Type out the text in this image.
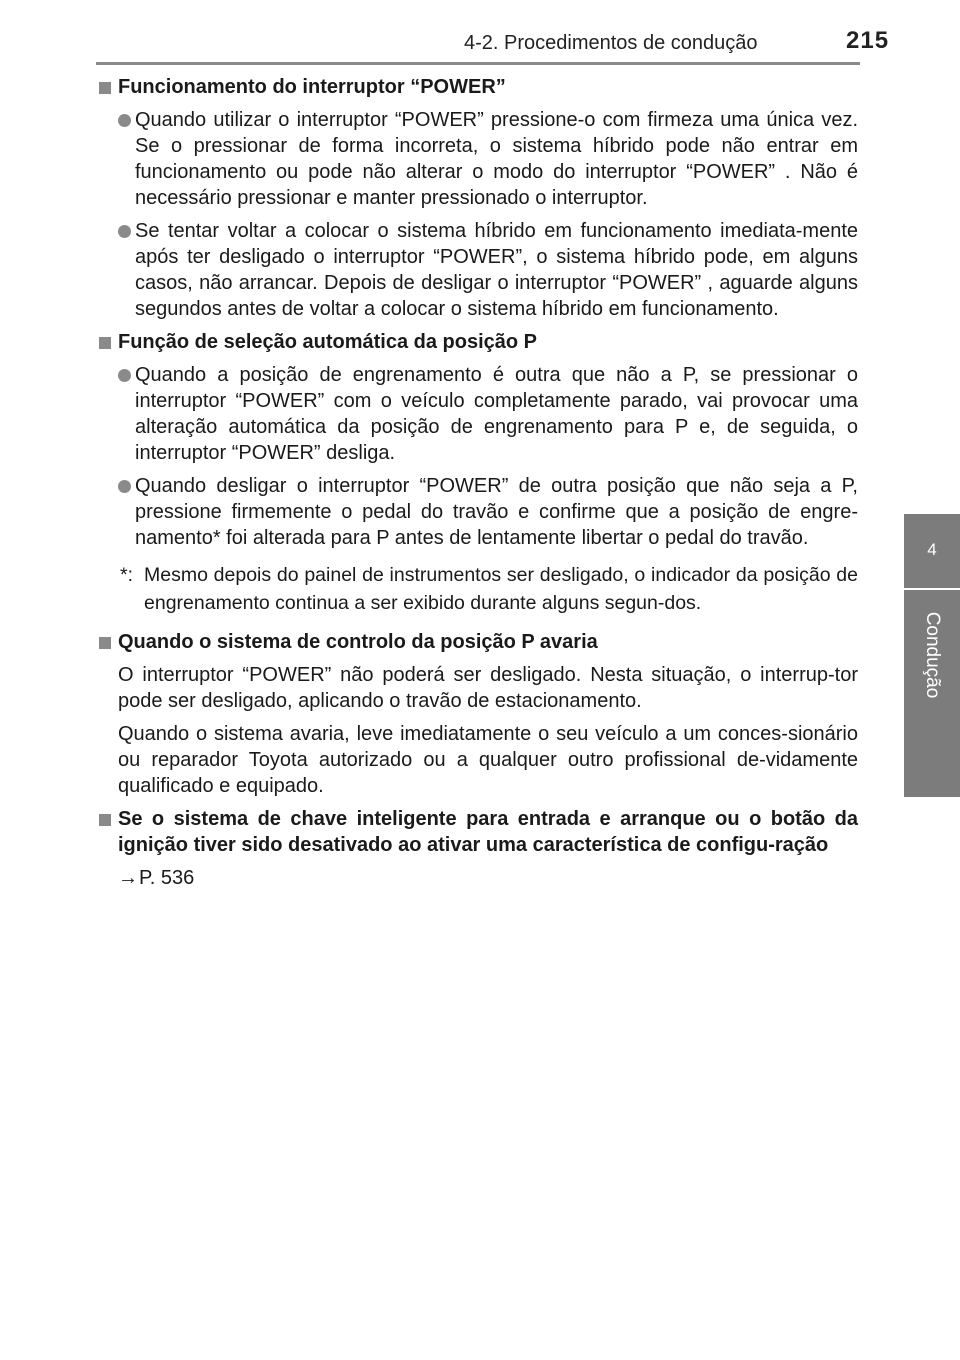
4-2. Procedimentos de condução	215
4
Condução
Funcionamento do interruptor “POWER”
Quando utilizar o interruptor “POWER” pressione-o com firmeza uma única vez. Se o pressionar de forma incorreta, o sistema híbrido pode não entrar em funcionamento ou pode não alterar o modo do interruptor “POWER” . Não é necessário pressionar e manter pressionado o interruptor.
Se tentar voltar a colocar o sistema híbrido em funcionamento imediata-mente após ter desligado o interruptor “POWER”, o sistema híbrido pode, em alguns casos, não arrancar. Depois de desligar o interruptor “POWER” , aguarde alguns segundos antes de voltar a colocar o sistema híbrido em funcionamento.
Função de seleção automática da posição P
Quando a posição de engrenamento é outra que não a P, se pressionar o interruptor “POWER” com o veículo completamente parado, vai provocar uma alteração automática da posição de engrenamento para P e, de seguida, o interruptor “POWER” desliga.
Quando desligar o interruptor “POWER” de outra posição que não seja a P, pressione firmemente o pedal do travão e confirme que a posição de engre-namento* foi alterada para P antes de lentamente libertar o pedal do travão.
*: Mesmo depois do painel de instrumentos ser desligado, o indicador da posição de engrenamento continua a ser exibido durante alguns segun-dos.
Quando o sistema de controlo da posição P avaria
O interruptor “POWER” não poderá ser desligado. Nesta situação, o interrup-tor pode ser desligado, aplicando o travão de estacionamento.
Quando o sistema avaria, leve imediatamente o seu veículo a um conces-sionário ou reparador Toyota autorizado ou a qualquer outro profissional de-vidamente qualificado e equipado.
Se o sistema de chave inteligente para entrada e arranque ou o botão da ignição tiver sido desativado ao ativar uma característica de configu-ração
→P. 536
